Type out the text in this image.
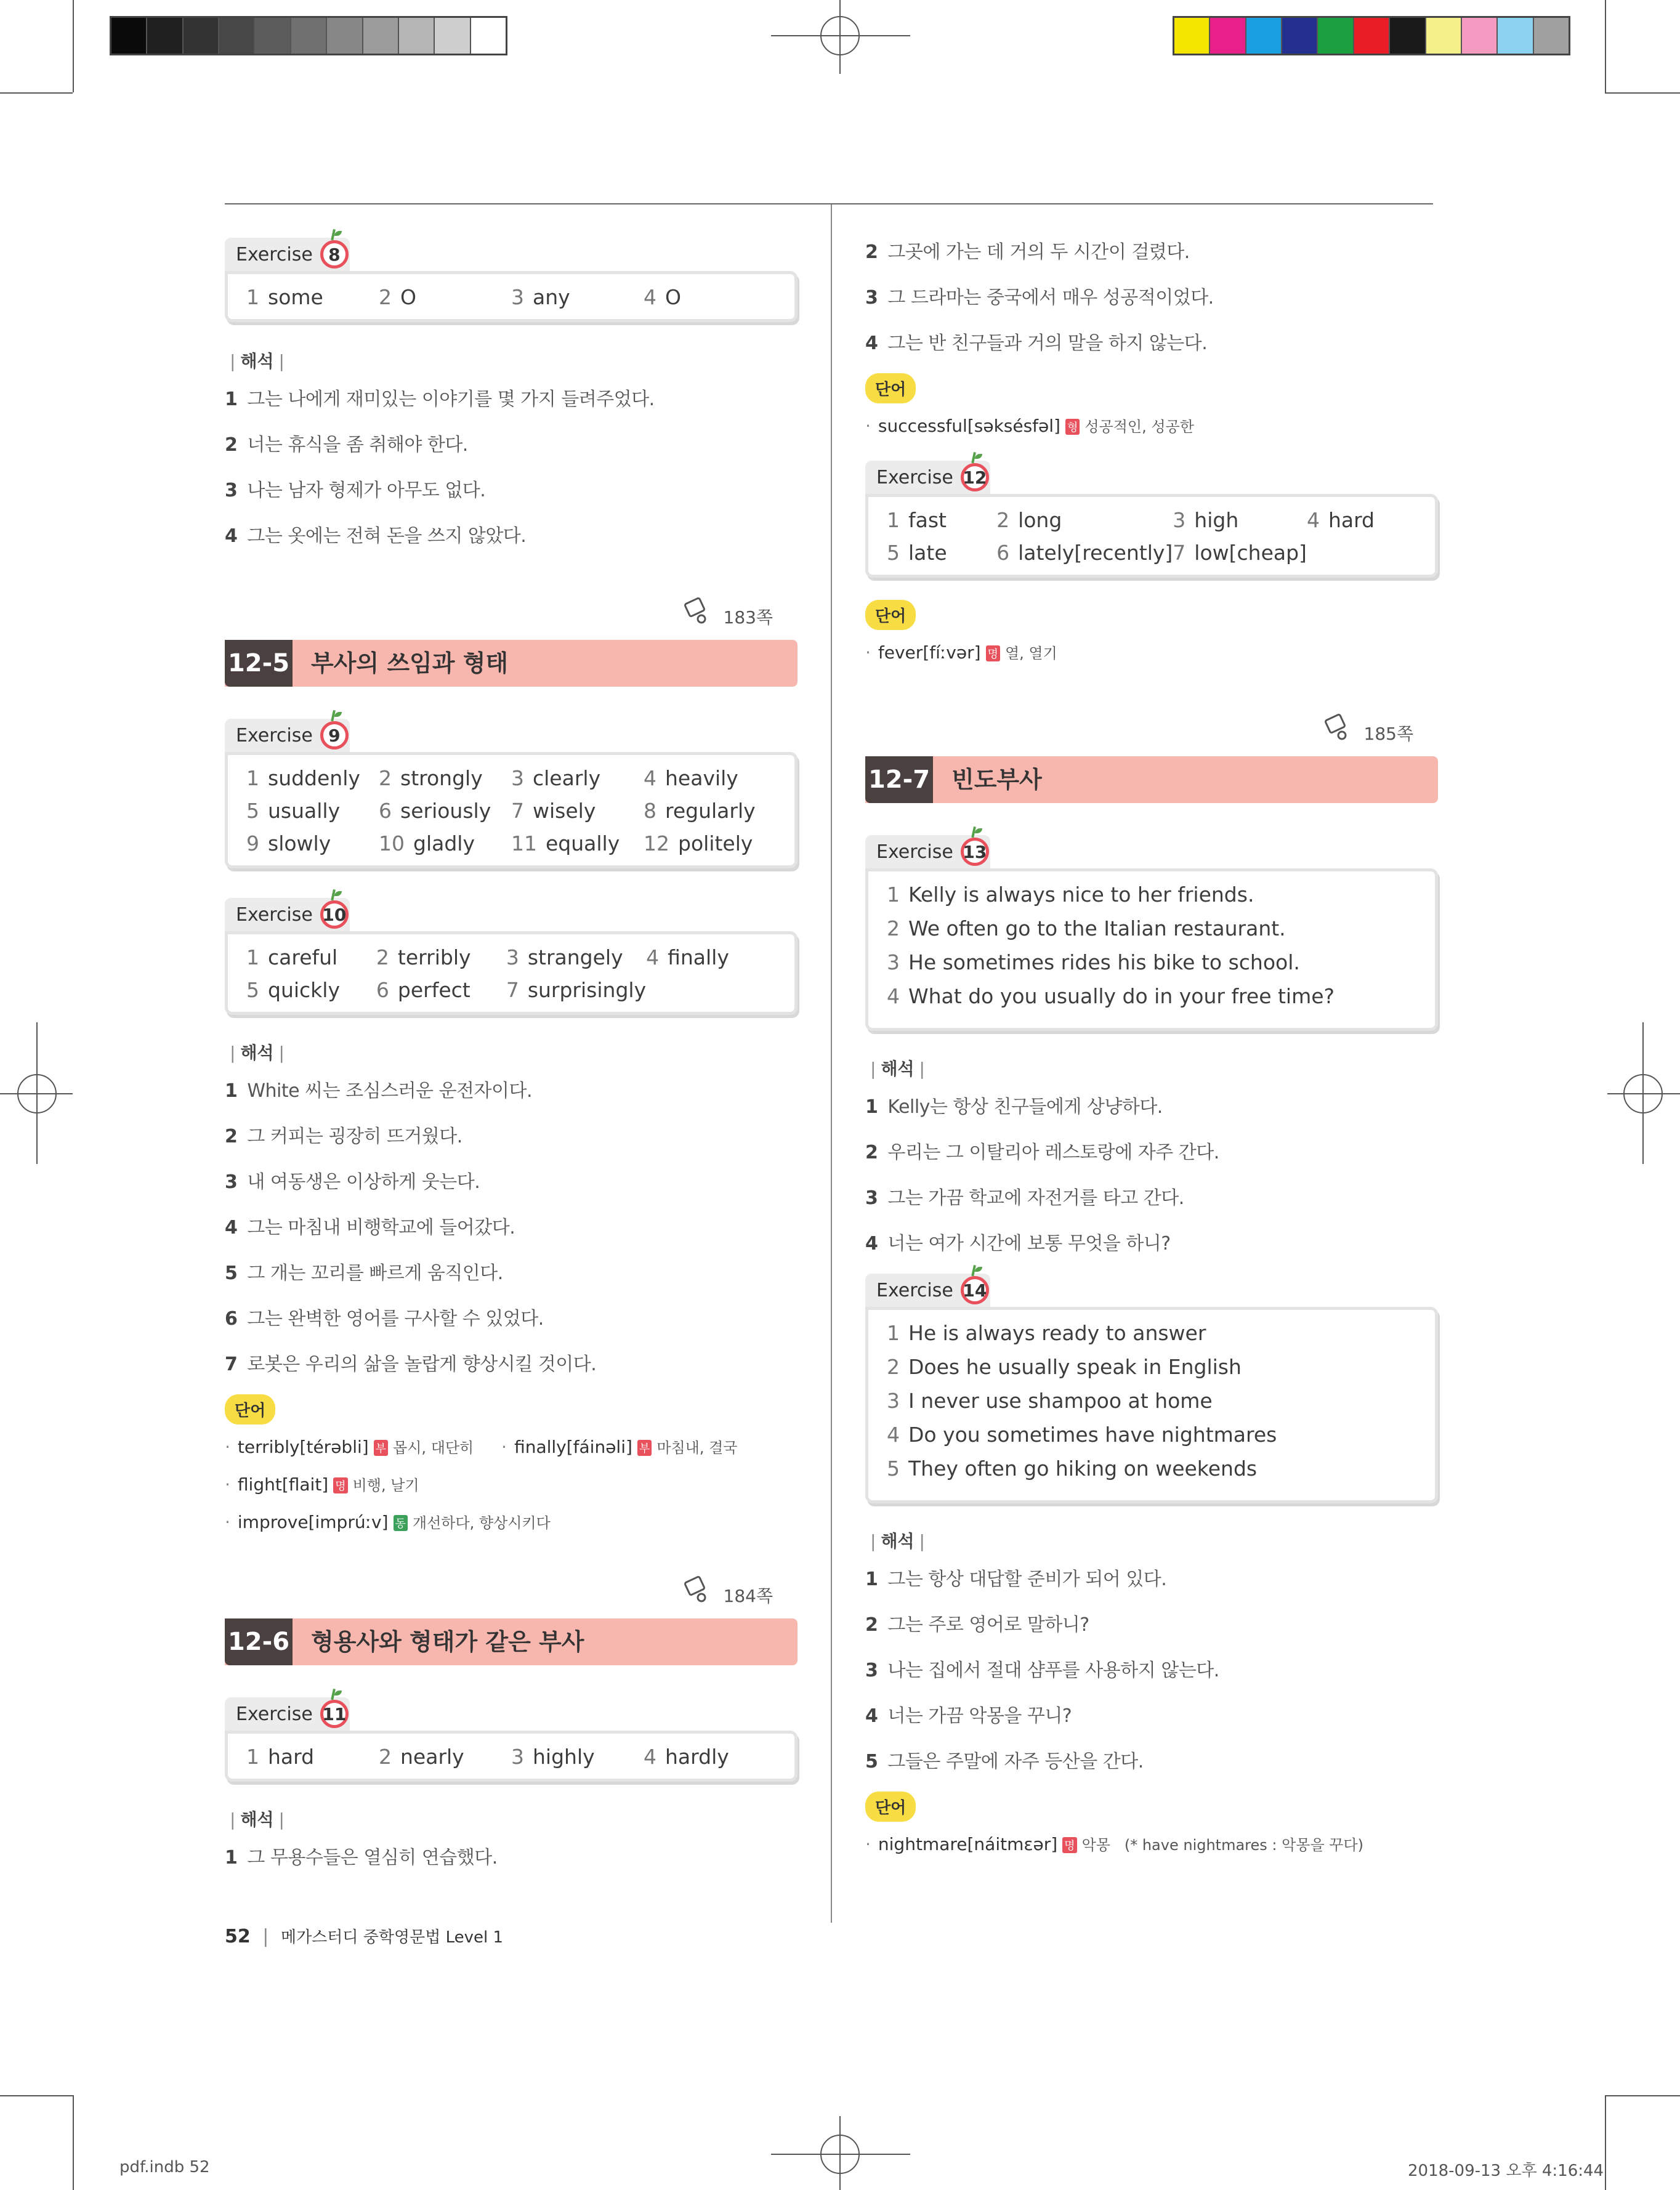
Exercise 8
1 some	2 O	3 any	4 O
| 해석 |
1 그는 나에게 재미있는 이야기를 몇 가지 들려주었다.
2 너는 휴식을 좀 취해야 한다.
3 나는 남자 형제가 아무도 없다.
4 그는 옷에는 전혀 돈을 쓰지 않았다.
183쪽
12-5 부사의 쓰임과 형태
Exercise 9
1 suddenly 2 strongly	3 clearly	4 heavily
5 usually	6 seriously 7 wisely	8 regularly
9 slowly	10 gladly	11 equally	12 politely
Exercise 10
1 careful	2 terribly	3 strangely	4 finally
5 quickly	6 perfect	7 surprisingly
| 해석 |
1 White 씨는 조심스러운 운전자이다.
2 그 커피는 굉장히 뜨거웠다.
3 내 여동생은 이상하게 웃는다.
4 그는 마침내 비행학교에 들어갔다.
5 그 개는 꼬리를 빠르게 움직인다.
6 그는 완벽한 영어를 구사할 수 있었다.
7 로봇은 우리의 삶을 놀랍게 향상시킬 것이다.
단어
· terribly[térəbli] 부 몹시, 대단히 · finally[fáinəli] 부 마침내, 결국
· flight[flait] 명 비행, 날기
· improve[imprúːv] 동 개선하다, 향상시키다
184쪽
12-6 형용사와 형태가 같은 부사
Exercise 11
1 hard	2 nearly	3 highly	4 hardly
| 해석 |
1 그 무용수들은 열심히 연습했다.
52 | 메가스터디 중학영문법 Level 1
2 그곳에 가는 데 거의 두 시간이 걸렸다.
3 그 드라마는 중국에서 매우 성공적이었다.
4 그는 반 친구들과 거의 말을 하지 않는다.
단어
· successful[səksésfəl] 형 성공적인, 성공한
Exercise 12
1 fast	2 long	3 high	4 hard
5 late	6 lately[recently] 7 low[cheap]
단어
· fever[fíːvər] 명 열, 열기
185쪽
12-7 빈도부사
Exercise 13
1 Kelly is always nice to her friends.
2 We often go to the Italian restaurant.
3 He sometimes rides his bike to school.
4 What do you usually do in your free time?
| 해석 |
1 Kelly는 항상 친구들에게 상냥하다.
2 우리는 그 이탈리아 레스토랑에 자주 간다.
3 그는 가끔 학교에 자전거를 타고 간다.
4 너는 여가 시간에 보통 무엇을 하니?
Exercise 14
1 He is always ready to answer
2 Does he usually speak in English
3 I never use shampoo at home
4 Do you sometimes have nightmares
5 They often go hiking on weekends
| 해석 |
1 그는 항상 대답할 준비가 되어 있다.
2 그는 주로 영어로 말하니?
3 나는 집에서 절대 샴푸를 사용하지 않는다.
4 너는 가끔 악몽을 꾸니?
5 그들은 주말에 자주 등산을 간다.
단어
· nightmare[náitmɛər] 명 악몽 (* have nightmares : 악몽을 꾸다)
pdf.indb 52	2018-09-13 오후 4:16:44
